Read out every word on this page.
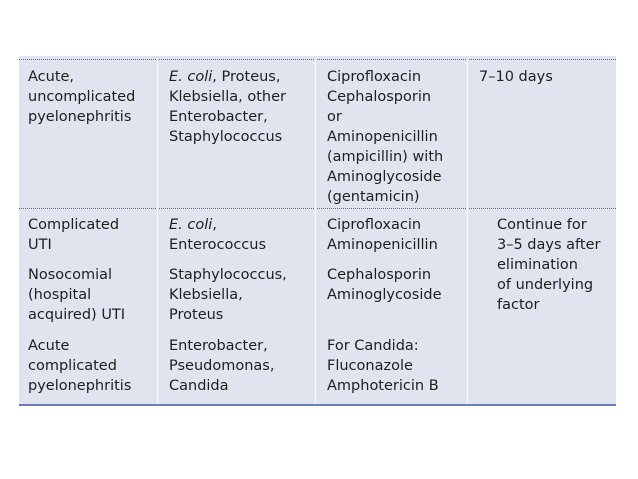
Acute,
uncomplicated
pyelonephritis
E. coli, Proteus,
Klebsiella, other
Enterobacter,
Staphylococcus
Ciprofloxacin
Cephalosporin
or
Aminopenicillin
(ampicillin) with
Aminoglycoside
(gentamicin)
7–10 days
Complicated
UTI
E. coli,
Enterococcus
Ciprofloxacin
Aminopenicillin
Continue for
3–5 days after
elimination
of underlying
factor
Nosocomial
(hospital
acquired) UTI
Staphylococcus,
Klebsiella,
Proteus
Cephalosporin
Aminoglycoside
Acute
complicated
pyelonephritis
Enterobacter,
Pseudomonas,
Candida
For Candida:
Fluconazole
Amphotericin B
